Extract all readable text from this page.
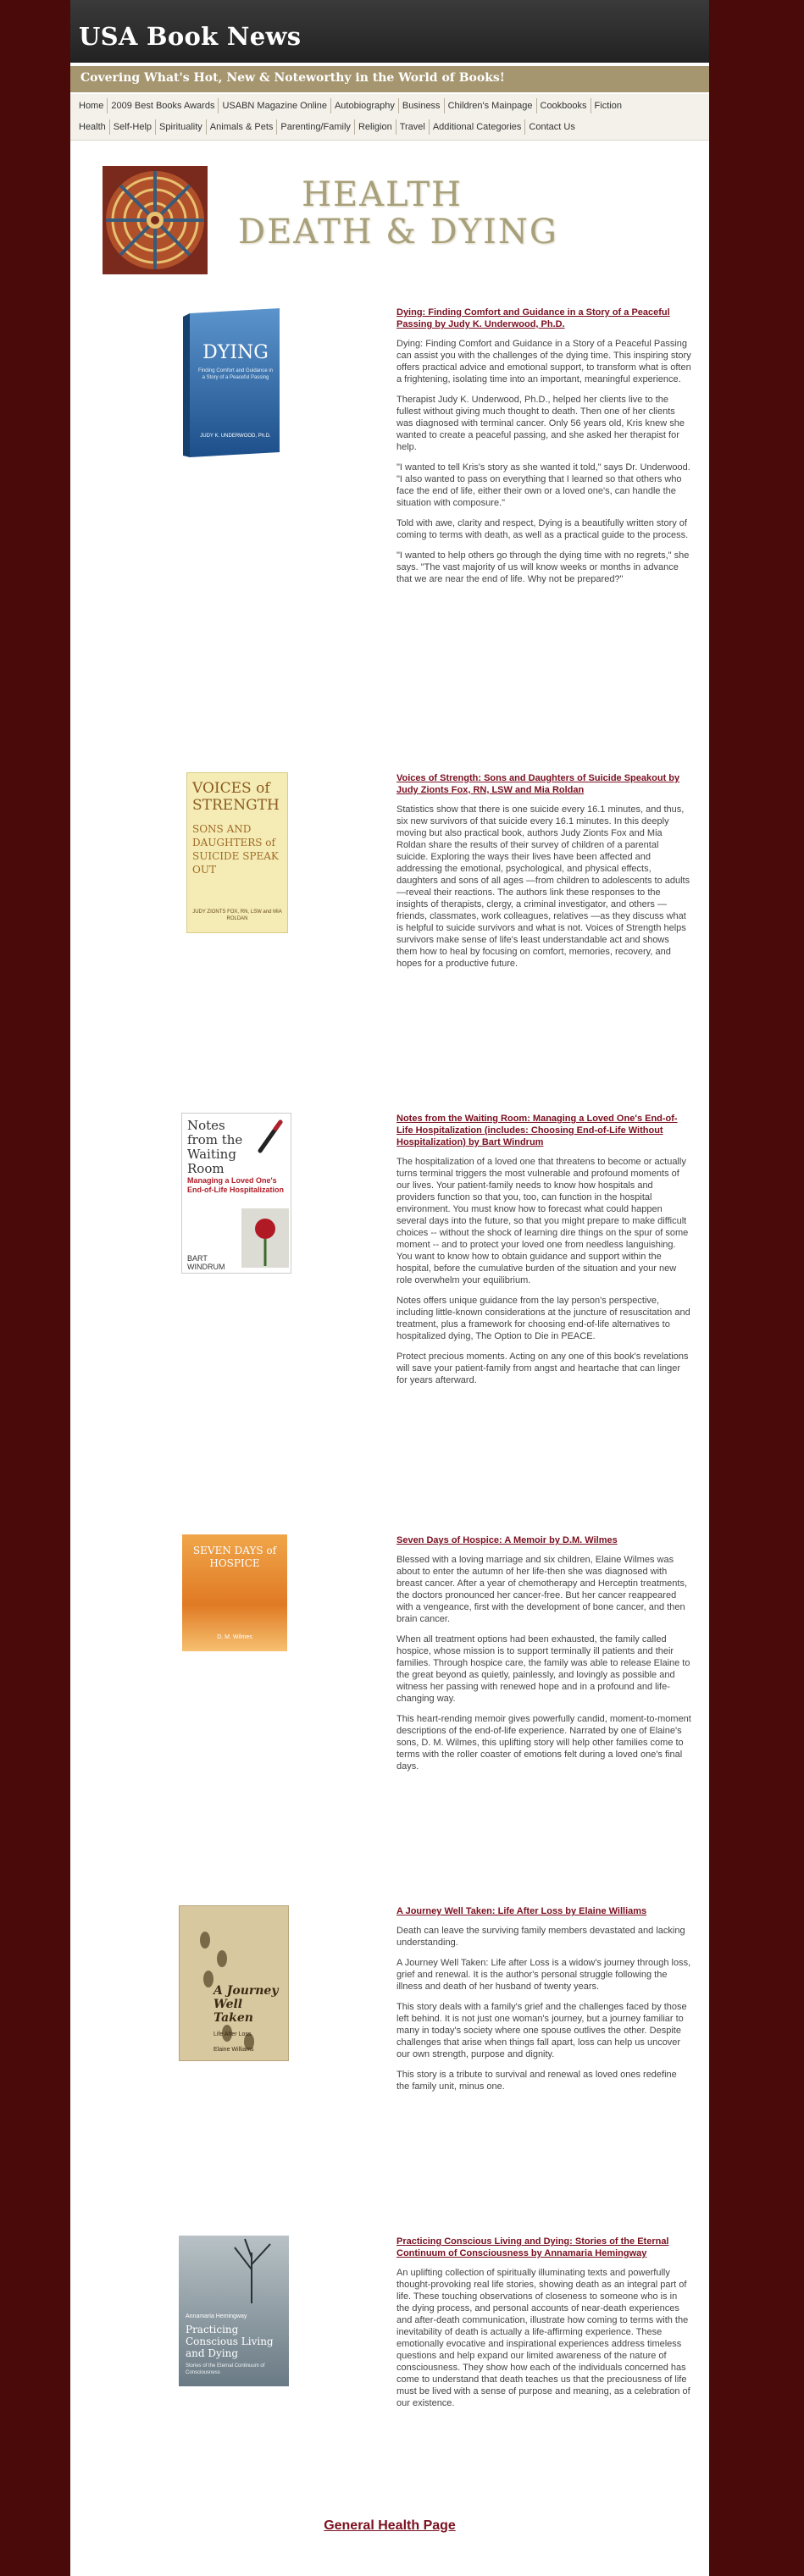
USA Book News
Covering What's Hot, New & Noteworthy in the World of Books!
Home 2009 Best Books Awards USABN Magazine Online Autobiography Business Children's Mainpage Cookbooks Fiction
Health Self-Help Spirituality Animals & Pets Parenting/Family Religion Travel Additional Categories Contact Us
HEALTH
DEATH & DYING
DYING
Finding Comfort and Guidance in a Story of a Peaceful Passing
JUDY K. UNDERWOOD, Ph.D.
Dying: Finding Comfort and Guidance in a Story of a Peaceful Passing by Judy K. Underwood, Ph.D.

Dying: Finding Comfort and Guidance in a Story of a Peaceful Passing can assist you with the challenges of the dying time. This inspiring story offers practical advice and emotional support, to transform what is often a frightening, isolating time into an important, meaningful experience.

Therapist Judy K. Underwood, Ph.D., helped her clients live to the fullest without giving much thought to death. Then one of her clients was diagnosed with terminal cancer. Only 56 years old, Kris knew she wanted to create a peaceful passing, and she asked her therapist for help.

"I wanted to tell Kris's story as she wanted it told," says Dr. Underwood. "I also wanted to pass on everything that I learned so that others who face the end of life, either their own or a loved one's, can handle the situation with composure."

Told with awe, clarity and respect, Dying is a beautifully written story of coming to terms with death, as well as a practical guide to the process.

"I wanted to help others go through the dying time with no regrets," she says. "The vast majority of us will know weeks or months in advance that we are near the end of life. Why not be prepared?"

VOICES of STRENGTH
SONS AND DAUGHTERS of SUICIDE SPEAK OUT
JUDY ZIONTS FOX, RN, LSW and MIA ROLDAN
Voices of Strength: Sons and Daughters of Suicide Speakout by Judy Zionts Fox, RN, LSW and Mia Roldan

Statistics show that there is one suicide every 16.1 minutes, and thus, six new survivors of that suicide every 16.1 minutes. In this deeply moving but also practical book, authors Judy Zionts Fox and Mia Roldan share the results of their survey of children of a parental suicide. Exploring the ways their lives have been affected and addressing the emotional, psychological, and physical effects, daughters and sons of all ages —from children to adolescents to adults —reveal their reactions. The authors link these responses to the insights of therapists, clergy, a criminal investigator, and others —friends, classmates, work colleagues, relatives —as they discuss what is helpful to suicide survivors and what is not. Voices of Strength helps survivors make sense of life's least understandable act and shows them how to heal by focusing on comfort, memories, recovery, and hopes for a productive future.

Notes from the Waiting Room
Managing a Loved One's End-of-Life Hospitalization
BART WINDRUM
Notes from the Waiting Room: Managing a Loved One's End-of-Life Hospitalization (includes: Choosing End-of-Life Without Hospitalization) by Bart Windrum

The hospitalization of a loved one that threatens to become or actually turns terminal triggers the most vulnerable and profound moments of our lives. Your patient-family needs to know how hospitals and providers function so that you, too, can function in the hospital environment. You must know how to forecast what could happen several days into the future, so that you might prepare to make difficult choices -- without the shock of learning dire things on the spur of some moment -- and to protect your loved one from needless languishing. You want to know how to obtain guidance and support within the hospital, before the cumulative burden of the situation and your new role overwhelm your equilibrium.

Notes offers unique guidance from the lay person's perspective, including little-known considerations at the juncture of resuscitation and treatment, plus a framework for choosing end-of-life alternatives to hospitalized dying, The Option to Die in PEACE.

Protect precious moments. Acting on any one of this book's revelations will save your patient-family from angst and heartache that can linger for years afterward.

SEVEN DAYS of HOSPICE
D. M. Wilmes
Seven Days of Hospice: A Memoir by D.M. Wilmes

Blessed with a loving marriage and six children, Elaine Wilmes was about to enter the autumn of her life-then she was diagnosed with breast cancer. After a year of chemotherapy and Herceptin treatments, the doctors pronounced her cancer-free. But her cancer reappeared with a vengeance, first with the development of bone cancer, and then brain cancer.

When all treatment options had been exhausted, the family called hospice, whose mission is to support terminally ill patients and their families. Through hospice care, the family was able to release Elaine to the great beyond as quietly, painlessly, and lovingly as possible and witness her passing with renewed hope and in a profound and life-changing way.

This heart-rending memoir gives powerfully candid, moment-to-moment descriptions of the end-of-life experience. Narrated by one of Elaine's sons, D. M. Wilmes, this uplifting story will help other families come to terms with the roller coaster of emotions felt during a loved one's final days.

A Journey Well Taken
Life After Loss
Elaine Williams
A Journey Well Taken: Life After Loss by Elaine Williams

Death can leave the surviving family members devastated and lacking understanding.

A Journey Well Taken: Life after Loss is a widow's journey through loss, grief and renewal. It is the author's personal struggle following the illness and death of her husband of twenty years.

This story deals with a family's grief and the challenges faced by those left behind. It is not just one woman's journey, but a journey familiar to many in today's society where one spouse outlives the other. Despite challenges that arise when things fall apart, loss can help us uncover our own strength, purpose and dignity.

This story is a tribute to survival and renewal as loved ones redefine the family unit, minus one.

Annamaria Hemingway
Practicing Conscious Living and Dying
Stories of the Eternal Continuum of Consciousness
Practicing Conscious Living and Dying: Stories of the Eternal Continuum of Consciousness by Annamaria Hemingway

An uplifting collection of spiritually illuminating texts and powerfully thought-provoking real life stories, showing death as an integral part of life. These touching observations of closeness to someone who is in the dying process, and personal accounts of near-death experiences and after-death communication, illustrate how coming to terms with the inevitability of death is actually a life-affirming experience. These emotionally evocative and inspirational experiences address timeless questions and help expand our limited awareness of the nature of consciousness. They show how each of the individuals concerned has come to understand that death teaches us that the preciousness of life must be lived with a sense of purpose and meaning, as a celebration of our existence.

General Health Page
